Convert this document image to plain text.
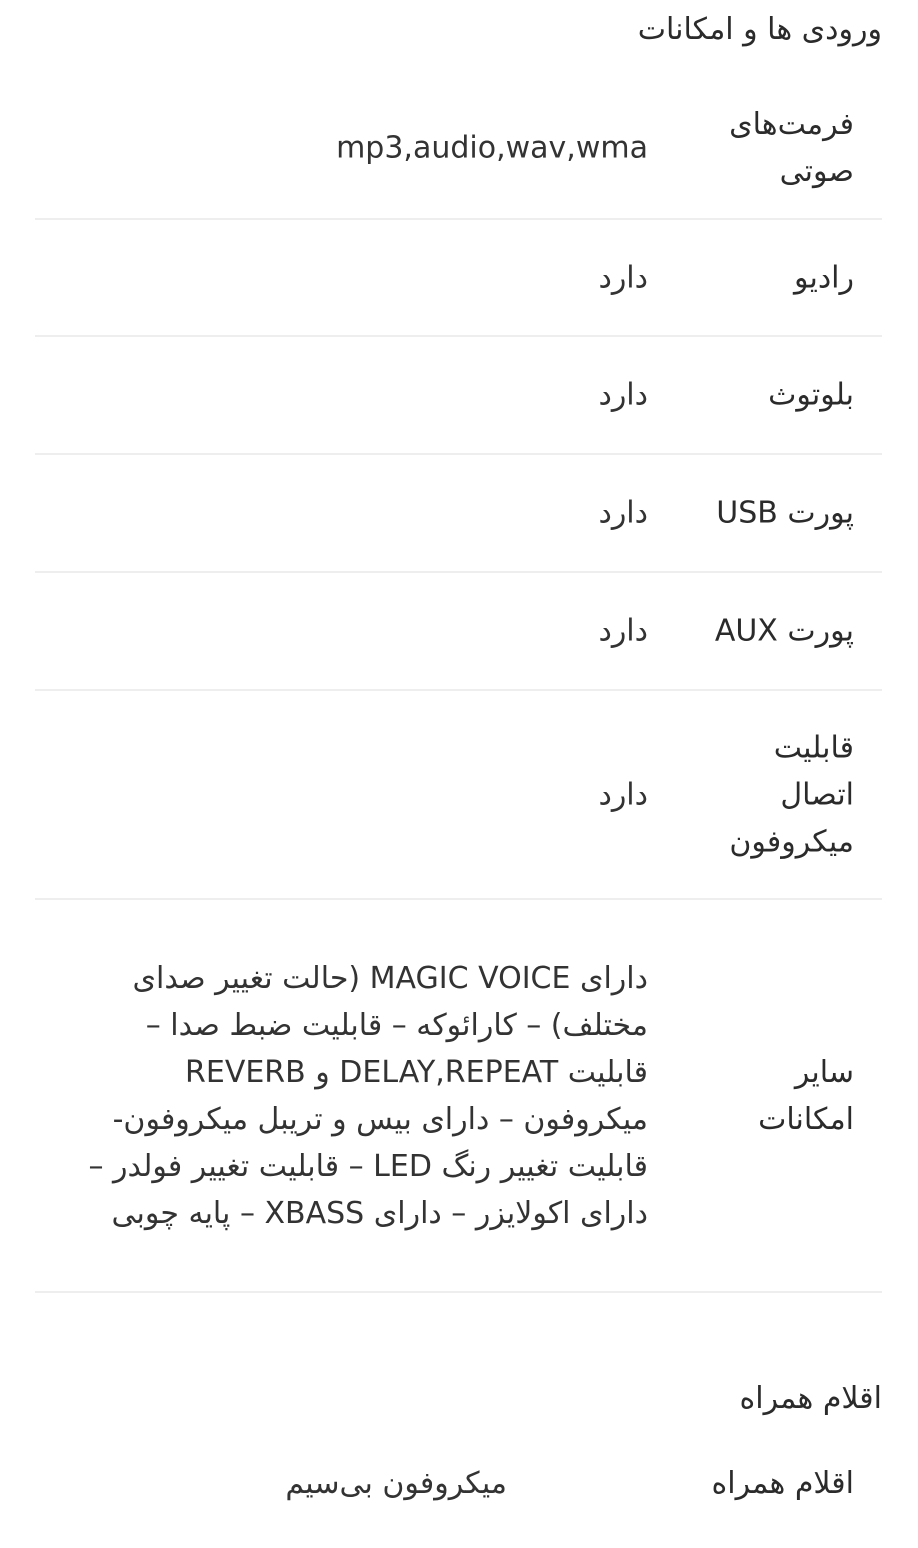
ورودی ها و امکانات
فرمت‌های صوتی
mp3,audio,wav,wma
رادیو
دارد
بلوتوث
دارد
پورت USB
دارد
پورت AUX
دارد
قابلیت اتصال میکروفون
دارد
سایر امکانات
دارای MAGIC VOICE (حالت تغییر صدای مختلف) – کارائوکه – قابلیت ضبط صدا – قابلیت DELAY,REPEAT و REVERB میکروفون – دارای بیس و تریبل میکروفون-قابلیت تغییر رنگ LED – قابلیت تغییر فولدر – دارای اکولایزر – دارای XBASS – پایه چوبی
اقلام همراه
اقلام همراه
میکروفون بی‌سیم
